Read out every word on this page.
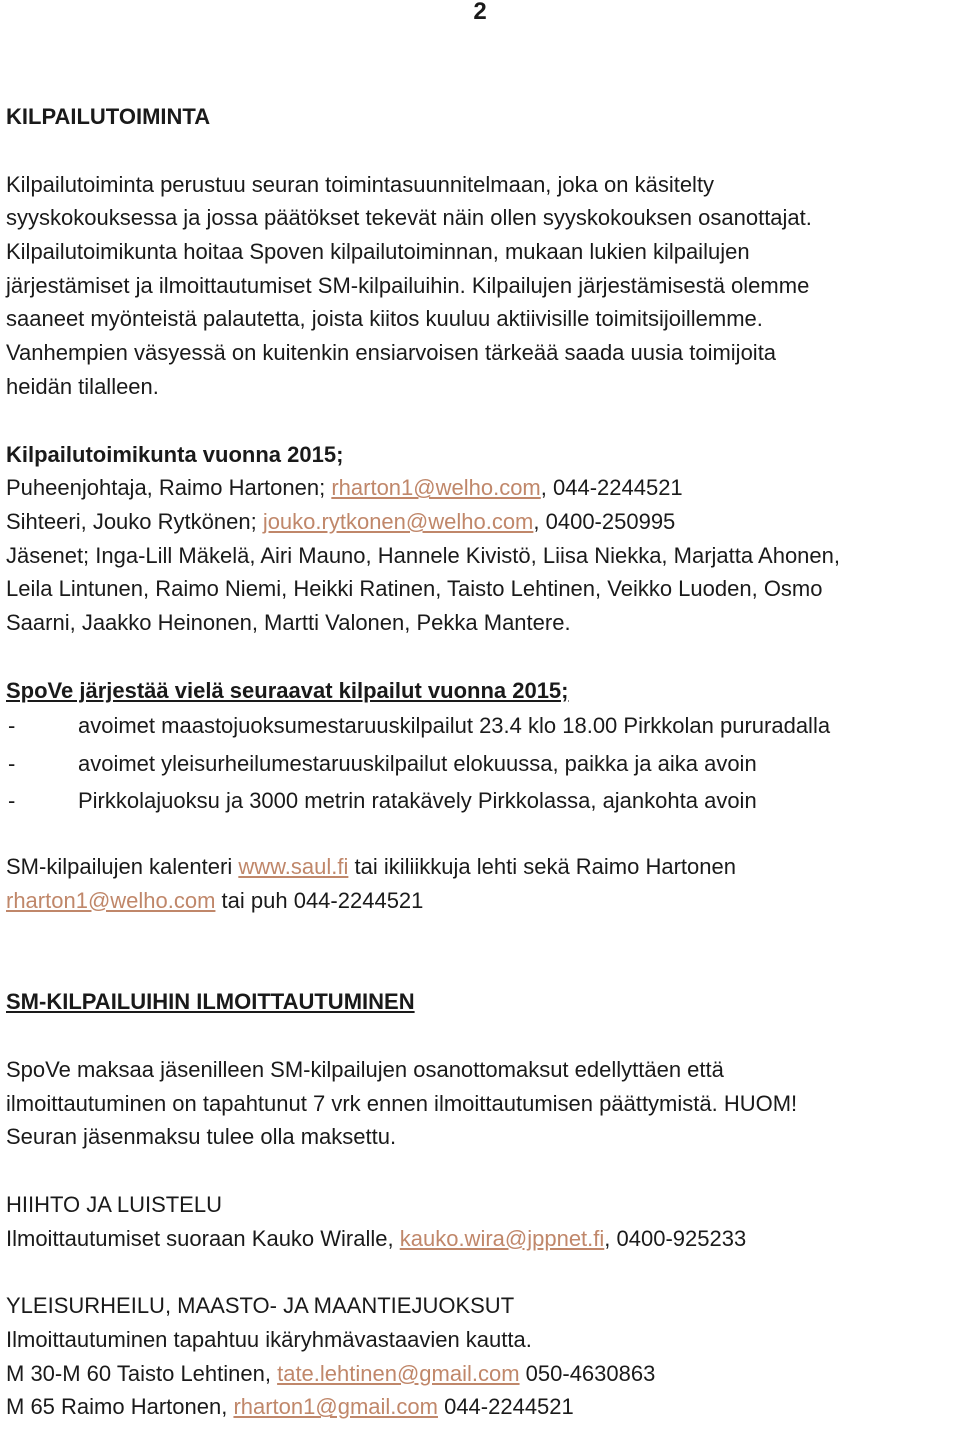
2
KILPAILUTOIMINTA
Kilpailutoiminta perustuu seuran toimintasuunnitelmaan, joka on käsitelty
syyskokouksessa ja jossa päätökset tekevät näin ollen syyskokouksen osanottajat.
Kilpailutoimikunta hoitaa Spoven kilpailutoiminnan, mukaan lukien kilpailujen
järjestämiset ja ilmoittautumiset SM-kilpailuihin. Kilpailujen järjestämisestä olemme
saaneet myönteistä palautetta, joista kiitos kuuluu aktiivisille toimitsijoillemme.
Vanhempien väsyessä on kuitenkin ensiarvoisen tärkeää saada uusia toimijoita
heidän tilalleen.
Kilpailutoimikunta vuonna 2015;
Puheenjohtaja, Raimo Hartonen; rharton1@welho.com, 044-2244521
Sihteeri, Jouko Rytkönen; jouko.rytkonen@welho.com, 0400-250995
Jäsenet; Inga-Lill Mäkelä, Airi Mauno, Hannele Kivistö, Liisa Niekka, Marjatta Ahonen,
Leila Lintunen, Raimo Niemi, Heikki Ratinen, Taisto Lehtinen, Veikko Luoden, Osmo
Saarni, Jaakko Heinonen, Martti Valonen, Pekka Mantere.
SpoVe järjestää vielä seuraavat kilpailut vuonna 2015;
-	avoimet maastojuoksumestaruuskilpailut 23.4 klo 18.00 Pirkkolan pururadalla
-	avoimet yleisurheilumestaruuskilpailut elokuussa, paikka ja aika avoin
-	Pirkkolajuoksu ja 3000 metrin ratakävely Pirkkolassa, ajankohta avoin
SM-kilpailujen kalenteri www.saul.fi tai ikiliikkuja lehti sekä Raimo Hartonen
rharton1@welho.com tai puh 044-2244521
SM-KILPAILUIHIN ILMOITTAUTUMINEN
SpoVe maksaa jäsenilleen SM-kilpailujen osanottomaksut edellyttäen että
ilmoittautuminen on tapahtunut 7 vrk ennen ilmoittautumisen päättymistä. HUOM!
Seuran jäsenmaksu tulee olla maksettu.
HIIHTO JA LUISTELU
Ilmoittautumiset suoraan Kauko Wiralle, kauko.wira@jppnet.fi, 0400-925233
YLEISURHEILU, MAASTO- JA MAANTIEJUOKSUT
Ilmoittautuminen tapahtuu ikäryhmävastaavien kautta.
M 30-M 60 Taisto Lehtinen, tate.lehtinen@gmail.com 050-4630863
M 65 Raimo Hartonen, rharton1@gmail.com 044-2244521
